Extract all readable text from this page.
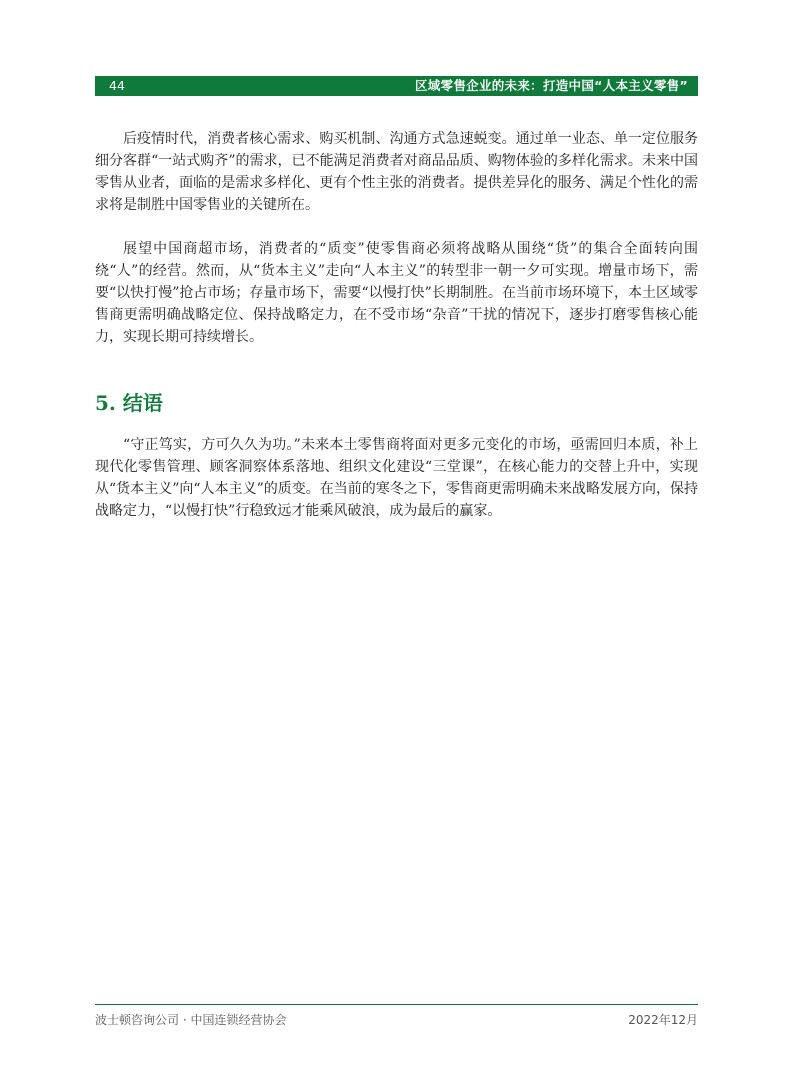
44	区域零售企业的未来：打造中国“人本主义零售”

后疫情时代，消费者核心需求、购买机制、沟通方式急速蜕变。通过单一业态、单一定位服务细分客群“一站式购齐”的需求，已不能满足消费者对商品品质、购物体验的多样化需求。未来中国零售从业者，面临的是需求多样化、更有个性主张的消费者。提供差异化的服务、满足个性化的需求将是制胜中国零售业的关键所在。

展望中国商超市场，消费者的“质变”使零售商必须将战略从围绕“货”的集合全面转向围绕“人”的经营。然而，从“货本主义”走向“人本主义”的转型非一朝一夕可实现。增量市场下，需要“以快打慢”抢占市场；存量市场下，需要“以慢打快”长期制胜。在当前市场环境下，本土区域零售商更需明确战略定位、保持战略定力，在不受市场“杂音”干扰的情况下，逐步打磨零售核心能力，实现长期可持续增长。

5. 结语

“守正笃实，方可久久为功。”未来本土零售商将面对更多元变化的市场，亟需回归本质，补上现代化零售管理、顾客洞察体系落地、组织文化建设“三堂课”，在核心能力的交替上升中，实现从“货本主义”向“人本主义”的质变。在当前的寒冬之下，零售商更需明确未来战略发展方向，保持战略定力，“以慢打快”行稳致远才能乘风破浪，成为最后的赢家。

波士顿咨询公司 · 中国连锁经营协会	2022年12月
